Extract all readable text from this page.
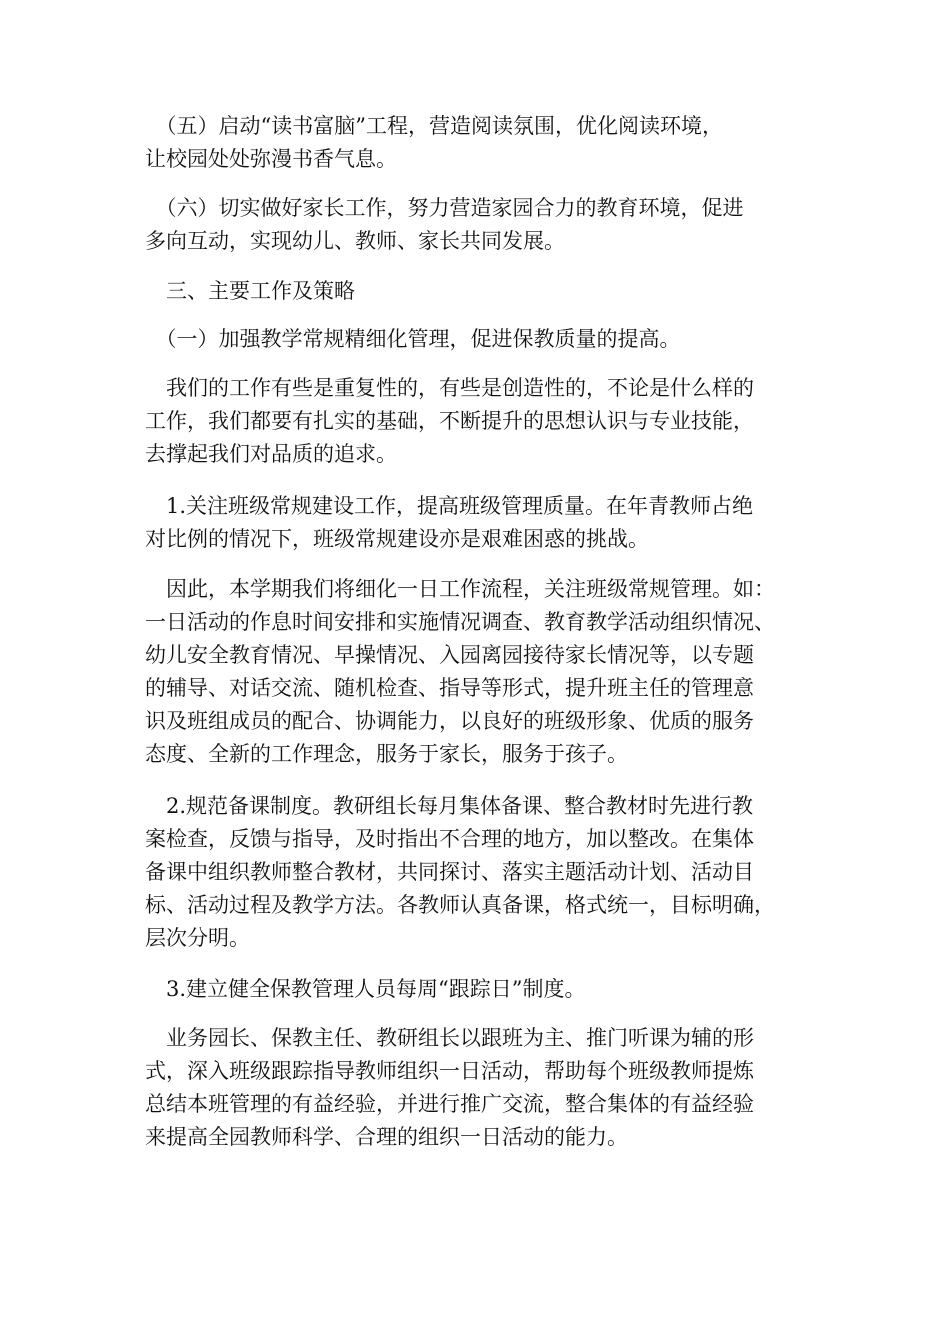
　（五）启动“读书富脑”工程，营造阅读氛围，优化阅读环境，
让校园处处弥漫书香气息。
　（六）切实做好家长工作，努力营造家园合力的教育环境，促进
多向互动，实现幼儿、教师、家长共同发展。
　三、主要工作及策略
　（一）加强教学常规精细化管理，促进保教质量的提高。
　我们的工作有些是重复性的，有些是创造性的，不论是什么样的
工作，我们都要有扎实的基础，不断提升的思想认识与专业技能，
去撑起我们对品质的追求。
　1.关注班级常规建设工作，提高班级管理质量。在年青教师占绝
对比例的情况下，班级常规建设亦是艰难困惑的挑战。
　因此，本学期我们将细化一日工作流程，关注班级常规管理。如：
一日活动的作息时间安排和实施情况调查、教育教学活动组织情况、
幼儿安全教育情况、早操情况、入园离园接待家长情况等，以专题
的辅导、对话交流、随机检查、指导等形式，提升班主任的管理意
识及班组成员的配合、协调能力，以良好的班级形象、优质的服务
态度、全新的工作理念，服务于家长，服务于孩子。
　2.规范备课制度。教研组长每月集体备课、整合教材时先进行教
案检查，反馈与指导，及时指出不合理的地方，加以整改。在集体
备课中组织教师整合教材，共同探讨、落实主题活动计划、活动目
标、活动过程及教学方法。各教师认真备课，格式统一，目标明确，
层次分明。
　3.建立健全保教管理人员每周“跟踪日”制度。
　业务园长、保教主任、教研组长以跟班为主、推门听课为辅的形
式，深入班级跟踪指导教师组织一日活动，帮助每个班级教师提炼
总结本班管理的有益经验，并进行推广交流，整合集体的有益经验
来提高全园教师科学、合理的组织一日活动的能力。
